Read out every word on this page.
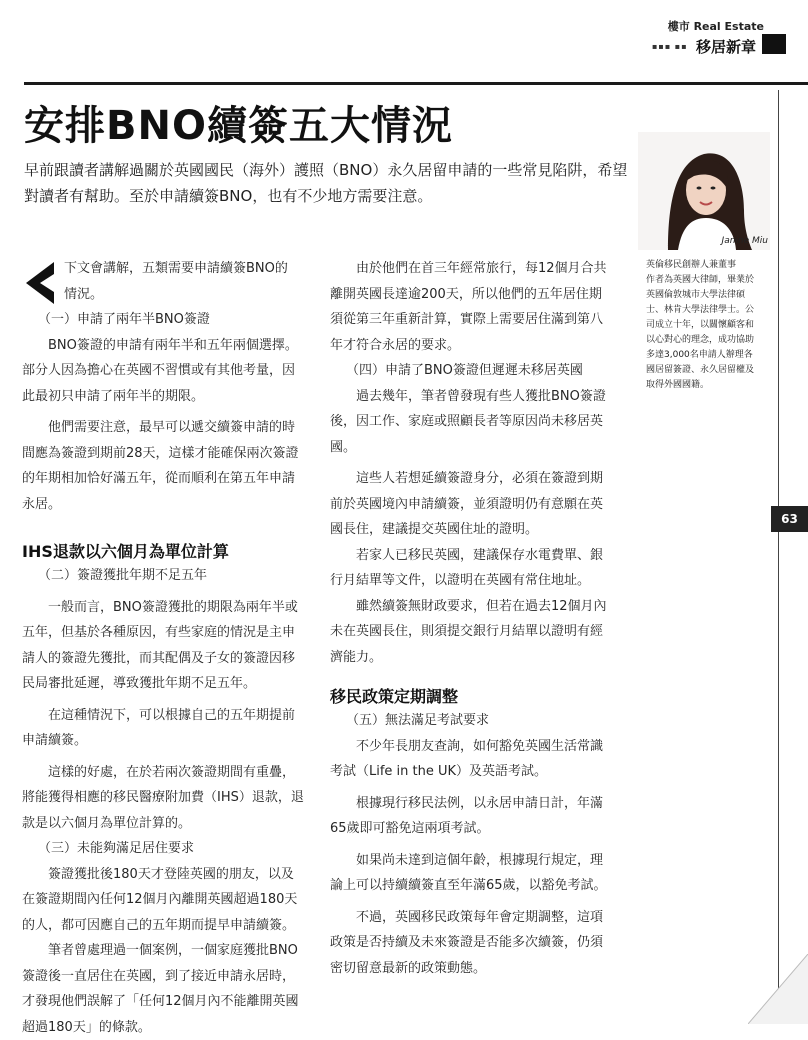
樓市 Real Estate
▪▪▪ ▪▪ 移居新章
安排BNO續簽五大情況

早前跟讀者講解過關於英國國民（海外）護照（BNO）永久居留申請的一些常見陷阱，希望

對讀者有幫助。至於申請續簽BNO，也有不少地方需要注意。

Janine Miu

英倫移民創辦人兼董事

作者為英國大律師，畢業於

英國倫敦城市大學法律碩

士、林肯大學法律學士。公

司成立十年，以關懷顧客和

以心對心的理念，成功協助

多達3,000名申請人辦理各

國居留簽證、永久居留權及

取得外國國籍。

63

下文會講解，五類需要申請續簽BNO的

情況。

（一）申請了兩年半BNO簽證

BNO簽證的申請有兩年半和五年兩個選擇。

部分人因為擔心在英國不習慣或有其他考量，因

此最初只申請了兩年半的期限。

他們需要注意，最早可以遞交續簽申請的時

間應為簽證到期前28天，這樣才能確保兩次簽證

的年期相加恰好滿五年，從而順利在第五年申請

永居。

IHS退款以六個月為單位計算

（二）簽證獲批年期不足五年

一般而言，BNO簽證獲批的期限為兩年半或

五年，但基於各種原因，有些家庭的情況是主申

請人的簽證先獲批，而其配偶及子女的簽證因移

民局審批延遲，導致獲批年期不足五年。

在這種情況下，可以根據自己的五年期提前

申請續簽。

這樣的好處，在於若兩次簽證期間有重疊，

將能獲得相應的移民醫療附加費（IHS）退款，退

款是以六個月為單位計算的。

（三）未能夠滿足居住要求

簽證獲批後180天才登陸英國的朋友，以及

在簽證期間內任何12個月內離開英國超過180天

的人，都可因應自己的五年期而提早申請續簽。

筆者曾處理過一個案例，一個家庭獲批BNO

簽證後一直居住在英國，到了接近申請永居時，

才發現他們誤解了「任何12個月內不能離開英國

超過180天」的條款。

由於他們在首三年經常旅行，每12個月合共

離開英國長達逾200天，所以他們的五年居住期

須從第三年重新計算，實際上需要居住滿到第八

年才符合永居的要求。

（四）申請了BNO簽證但遲遲未移居英國

過去幾年，筆者曾發現有些人獲批BNO簽證

後，因工作、家庭或照顧長者等原因尚未移居英

國。

這些人若想延續簽證身分，必須在簽證到期

前於英國境內申請續簽，並須證明仍有意願在英

國長住，建議提交英國住址的證明。

若家人已移民英國，建議保存水電費單、銀

行月結單等文件，以證明在英國有常住地址。

雖然續簽無財政要求，但若在過去12個月內

未在英國長住，則須提交銀行月結單以證明有經

濟能力。

移民政策定期調整

（五）無法滿足考試要求

不少年長朋友查詢，如何豁免英國生活常識

考試（Life in the UK）及英語考試。

根據現行移民法例，以永居申請日計，年滿

65歲即可豁免這兩項考試。

如果尚未達到這個年齡，根據現行規定，理

論上可以持續續簽直至年滿65歲，以豁免考試。

不過，英國移民政策每年會定期調整，這項

政策是否持續及未來簽證是否能多次續簽，仍須

密切留意最新的政策動態。
